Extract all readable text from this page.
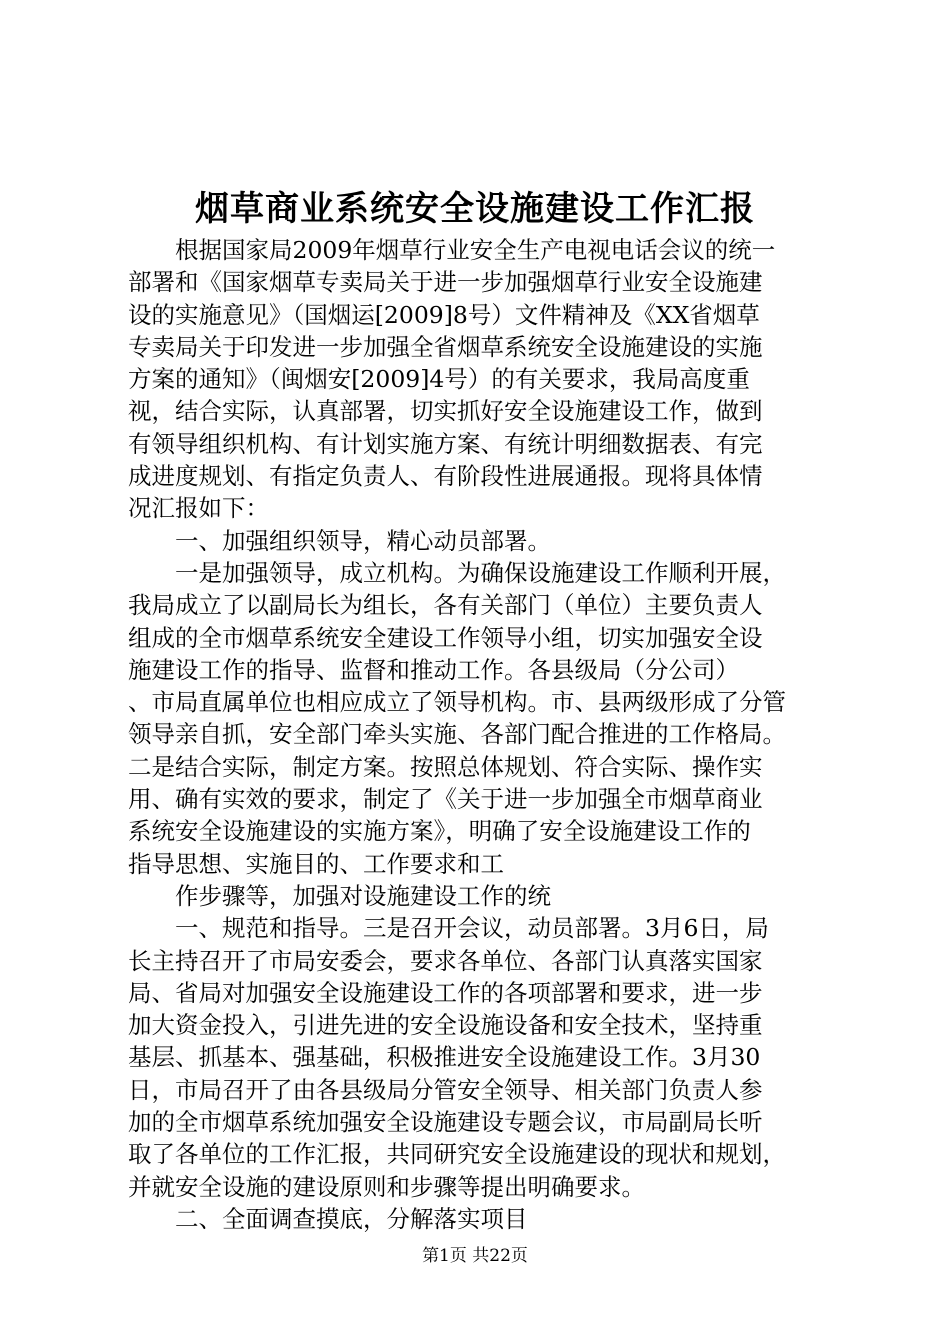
烟草商业系统安全设施建设工作汇报
　　根据国家局2009年烟草行业安全生产电视电话会议的统一
部署和《国家烟草专卖局关于进一步加强烟草行业安全设施建
设的实施意见》（国烟运[2009]8号）文件精神及《XX省烟草
专卖局关于印发进一步加强全省烟草系统安全设施建设的实施
方案的通知》（闽烟安[2009]4号）的有关要求，我局高度重
视，结合实际，认真部署，切实抓好安全设施建设工作，做到
有领导组织机构、有计划实施方案、有统计明细数据表、有完
成进度规划、有指定负责人、有阶段性进展通报。现将具体情
况汇报如下：
　　一、加强组织领导，精心动员部署。
　　一是加强领导，成立机构。为确保设施建设工作顺利开展，
我局成立了以副局长为组长，各有关部门（单位）主要负责人
组成的全市烟草系统安全建设工作领导小组，切实加强安全设
施建设工作的指导、监督和推动工作。各县级局（分公司）
、市局直属单位也相应成立了领导机构。市、县两级形成了分管
领导亲自抓，安全部门牵头实施、各部门配合推进的工作格局。
二是结合实际，制定方案。按照总体规划、符合实际、操作实
用、确有实效的要求，制定了《关于进一步加强全市烟草商业
系统安全设施建设的实施方案》，明确了安全设施建设工作的
指导思想、实施目的、工作要求和工
　　作步骤等，加强对设施建设工作的统
　　一、规范和指导。三是召开会议，动员部署。3月6日，局
长主持召开了市局安委会，要求各单位、各部门认真落实国家
局、省局对加强安全设施建设工作的各项部署和要求，进一步
加大资金投入，引进先进的安全设施设备和安全技术，坚持重
基层、抓基本、强基础，积极推进安全设施建设工作。3月30
日，市局召开了由各县级局分管安全领导、相关部门负责人参
加的全市烟草系统加强安全设施建设专题会议，市局副局长听
取了各单位的工作汇报，共同研究安全设施建设的现状和规划，
并就安全设施的建设原则和步骤等提出明确要求。
　　二、全面调查摸底，分解落实项目
第1页 共22页
